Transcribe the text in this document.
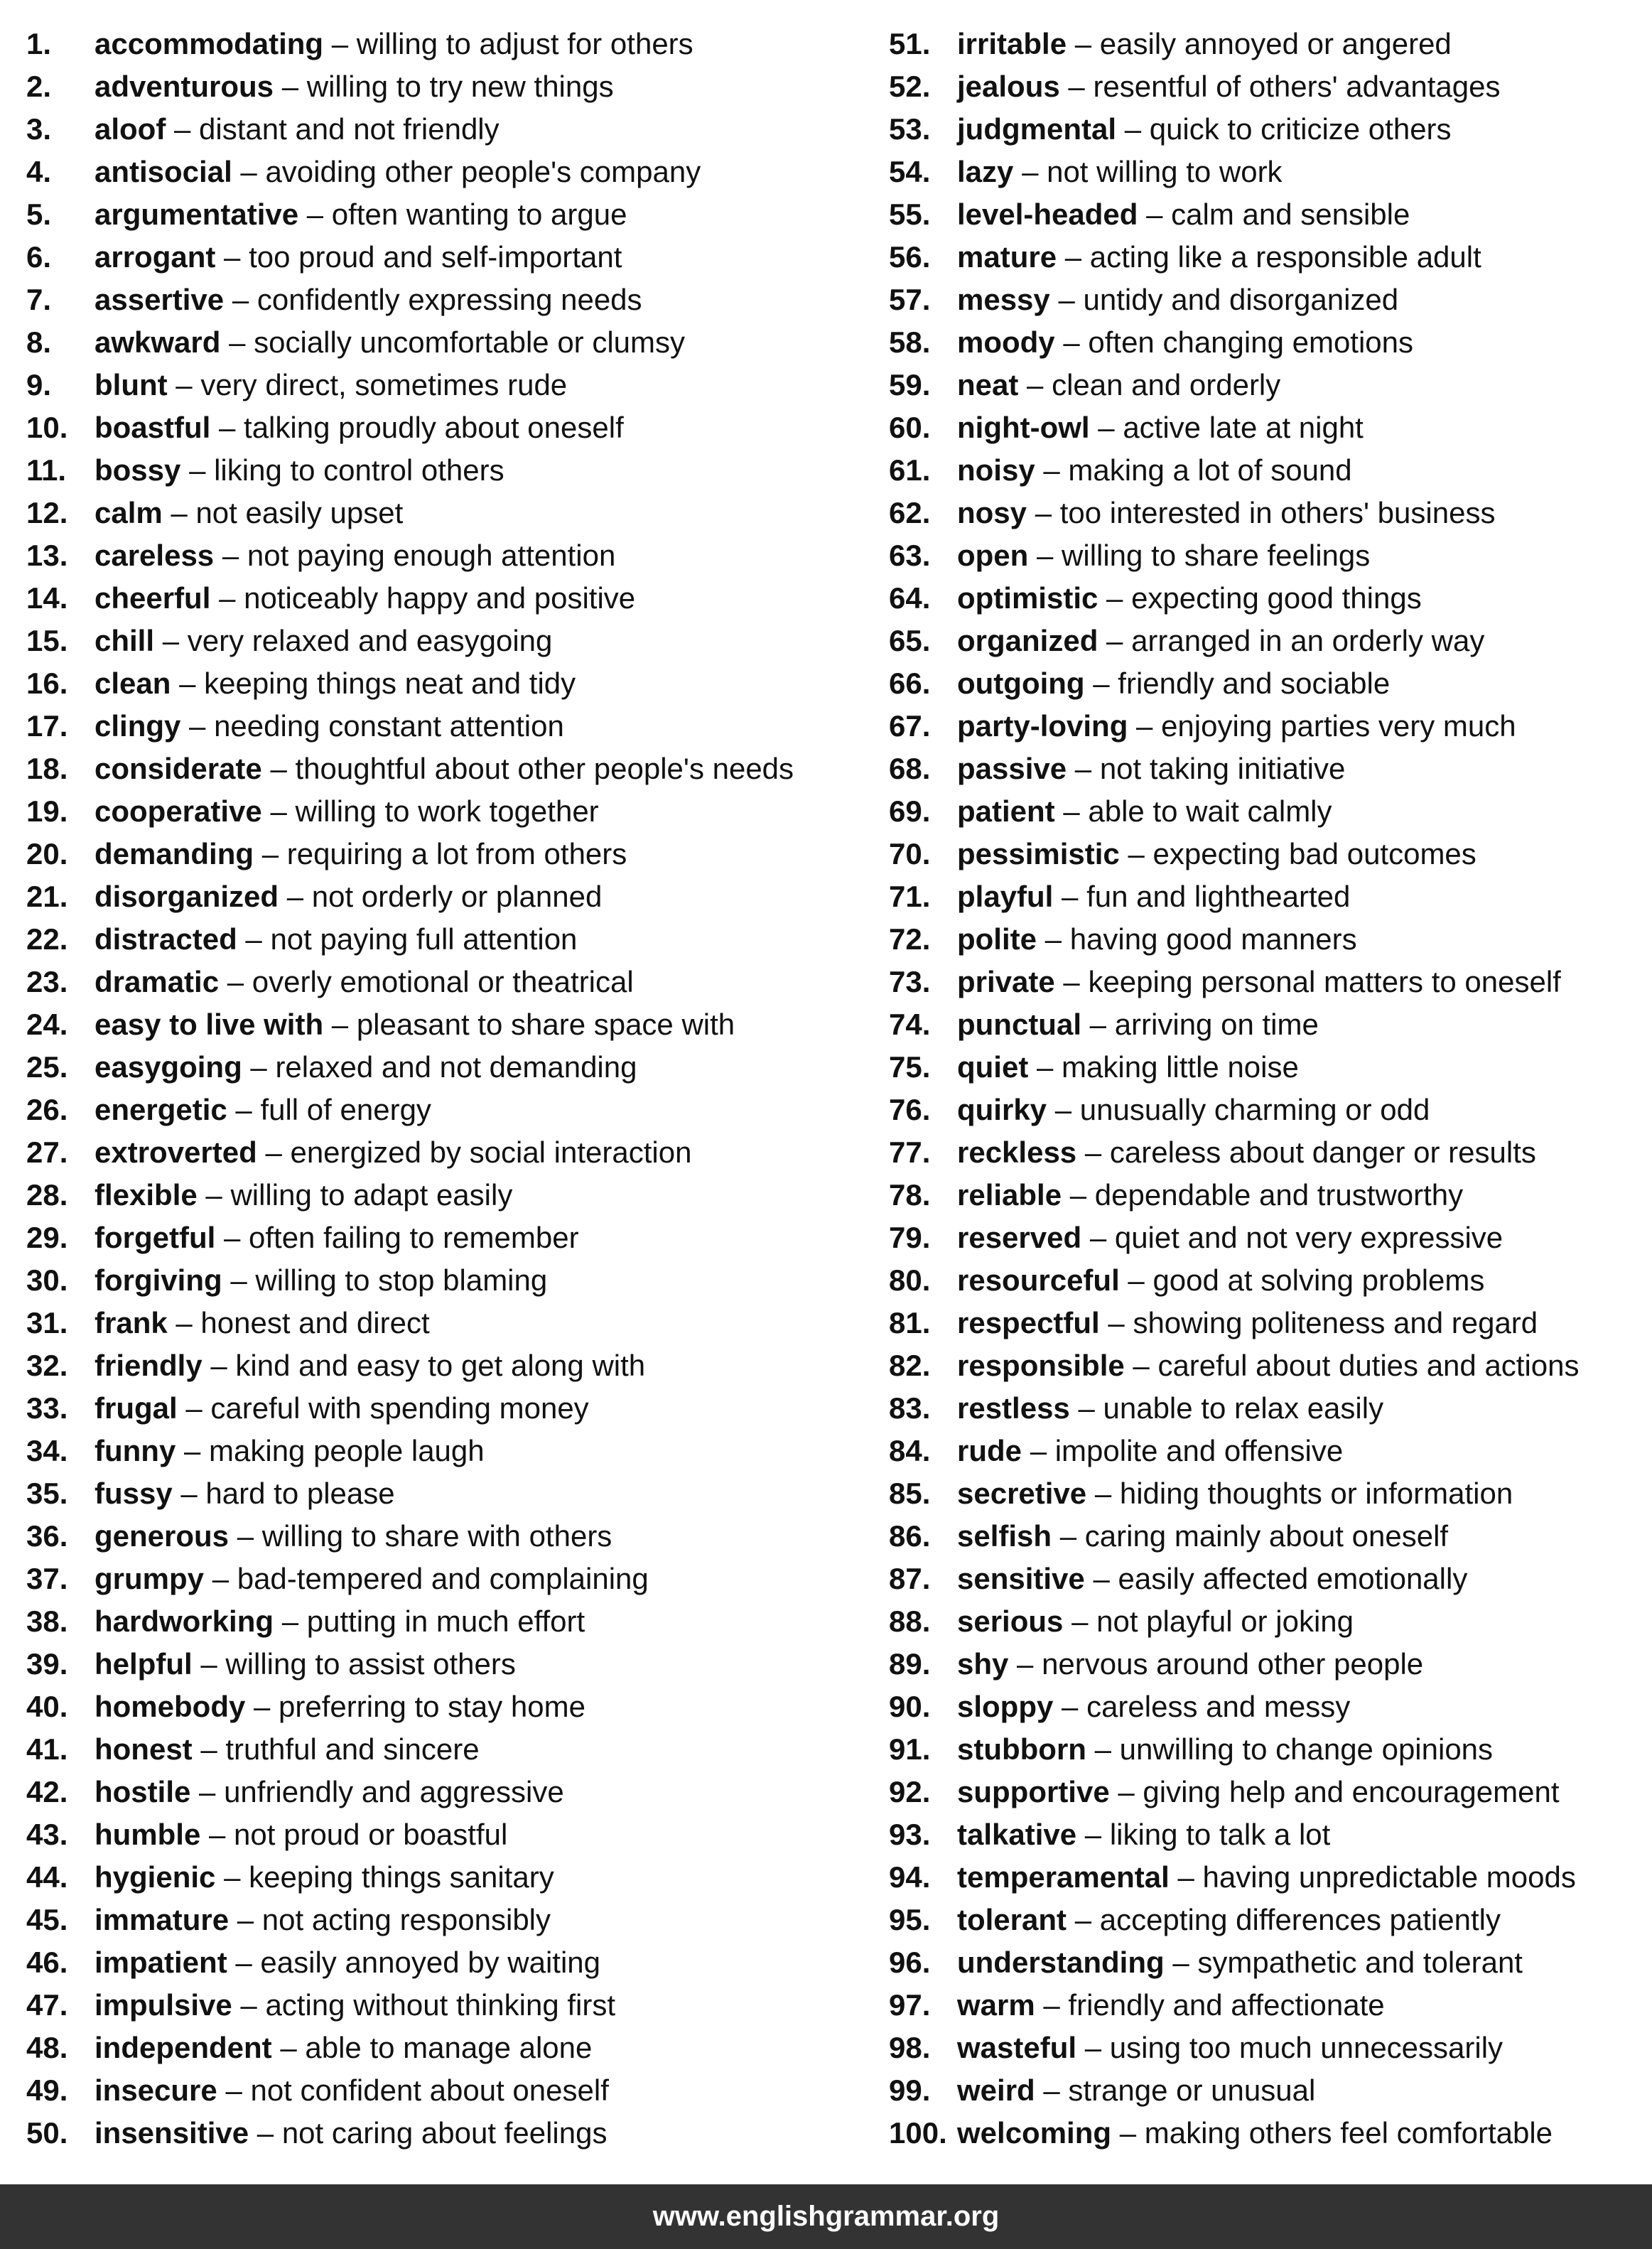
1.	accommodating
–
willing to adjust for others
2.	adventurous
–
willing to try new things
3.	aloof
–
distant and not friendly
4.	antisocial
–
avoiding other people's company
5.	argumentative
–
often wanting to argue
6.	arrogant
–
too proud and self-important
7.	assertive
–
confidently expressing needs
8.	awkward
–
socially uncomfortable or clumsy
9.	blunt
–
very direct, sometimes rude
10. boastful
–
talking proudly about oneself
11. bossy
–
liking to control others
12. calm
–
not easily upset
13. careless
–
not paying enough attention
14. cheerful
–
noticeably happy and positive
15. chill
–
very relaxed and easygoing
16. clean
–
keeping things neat and tidy
17. clingy
–
needing constant attention
18. considerate
–
thoughtful about other people's needs
19. cooperative
–
willing to work together
20. demanding
–
requiring a lot from others
21. disorganized
–
not orderly or planned
22. distracted
–
not paying full attention
23. dramatic
–
overly emotional or theatrical
24. easy to live with
–
pleasant to share space with
25. easygoing
–
relaxed and not demanding
26. energetic
–
full of energy
27. extroverted
–
energized by social interaction
28. flexible
–
willing to adapt easily
29. forgetful
–
often failing to remember
30. forgiving
–
willing to stop blaming
31. frank
–
honest and direct
32. friendly
–
kind and easy to get along with
33. frugal
–
careful with spending money
34. funny
–
making people laugh
35. fussy
–
hard to please
36. generous
–
willing to share with others
37. grumpy
–
bad-tempered and complaining
38. hardworking
–
putting in much effort
39. helpful
–
willing to assist others
40. homebody
–
preferring to stay home
41. honest
–
truthful and sincere
42. hostile
–
unfriendly and aggressive
43. humble
–
not proud or boastful
44. hygienic
–
keeping things sanitary
45. immature
–
not acting responsibly
46. impatient
–
easily annoyed by waiting
47. impulsive
–
acting without thinking first
48. independent
–
able to manage alone
49. insecure
–
not confident about oneself
50. insensitive
–
not caring about feelings
51. irritable
–
easily annoyed or angered
52. jealous
–
resentful of others' advantages
53. judgmental
–
quick to criticize others
54. lazy
–
not willing to work
55. level-headed
–
calm and sensible
56. mature
–
acting like a responsible adult
57. messy
–
untidy and disorganized
58. moody
–
often changing emotions
59. neat
–
clean and orderly
60. night-owl
–
active late at night
61. noisy
–
making a lot of sound
62. nosy
–
too interested in others' business
63. open
–
willing to share feelings
64. optimistic
–
expecting good things
65. organized
–
arranged in an orderly way
66. outgoing
–
friendly and sociable
67. party-loving
–
enjoying parties very much
68. passive
–
not taking initiative
69. patient
–
able to wait calmly
70. pessimistic
–
expecting bad outcomes
71. playful
–
fun and lighthearted
72. polite
–
having good manners
73. private
–
keeping personal matters to oneself
74. punctual
–
arriving on time
75. quiet
–
making little noise
76. quirky
–
unusually charming or odd
77. reckless
–
careless about danger or results
78. reliable
–
dependable and trustworthy
79. reserved
–
quiet and not very expressive
80. resourceful
–
good at solving problems
81. respectful
–
showing politeness and regard
82. responsible
–
careful about duties and actions
83. restless
–
unable to relax easily
84. rude
–
impolite and offensive
85. secretive
–
hiding thoughts or information
86. selfish
–
caring mainly about oneself
87. sensitive
–
easily affected emotionally
88. serious
–
not playful or joking
89. shy
–
nervous around other people
90. sloppy
–
careless and messy
91. stubborn
–
unwilling to change opinions
92. supportive
–
giving help and encouragement
93. talkative
–
liking to talk a lot
94. temperamental
–
having unpredictable moods
95. tolerant
–
accepting differences patiently
96. understanding
–
sympathetic and tolerant
97. warm
–
friendly and affectionate
98. wasteful
–
using too much unnecessarily
99. weird
–
strange or unusual
100. welcoming
–
making others feel comfortable
www.englishgrammar.org
